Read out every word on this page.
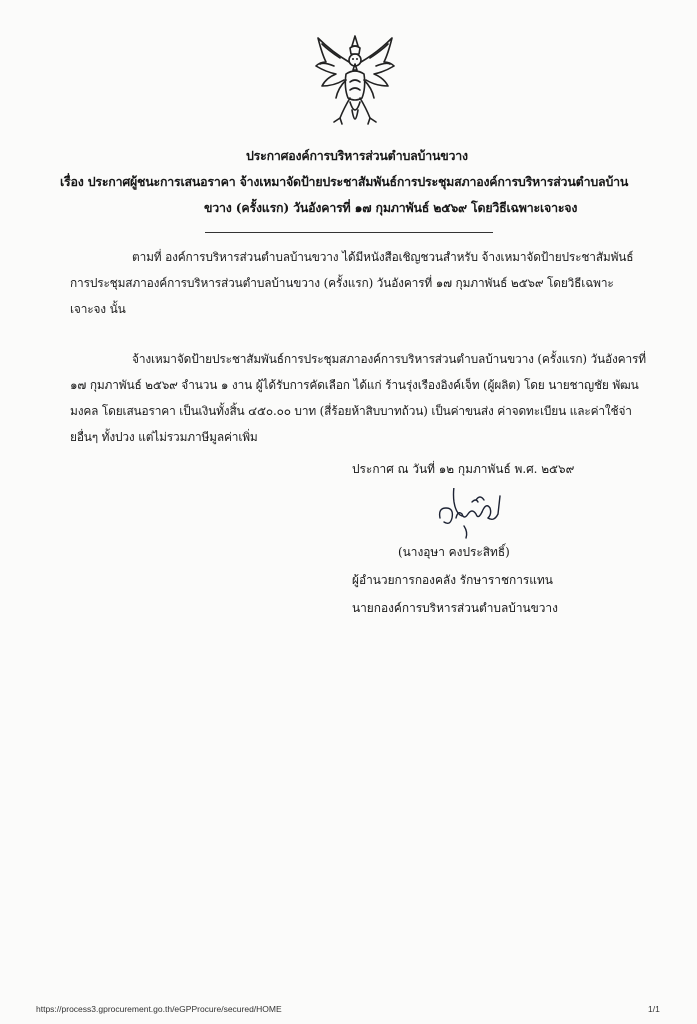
ประกาศองค์การบริหารส่วนตำบลบ้านขวาง
เรื่อง ประกาศผู้ชนะการเสนอราคา จ้างเหมาจัดป้ายประชาสัมพันธ์การประชุมสภาองค์การบริหารส่วนตำบลบ้าน
ขวาง (ครั้งแรก) วันอังคารที่ ๑๗ กุมภาพันธ์ ๒๕๖๙ โดยวิธีเฉพาะเจาะจง
ตามที่ องค์การบริหารส่วนตำบลบ้านขวาง ได้มีหนังสือเชิญชวนสำหรับ จ้างเหมาจัดป้ายประชาสัมพันธ์
การประชุมสภาองค์การบริหารส่วนตำบลบ้านขวาง (ครั้งแรก) วันอังคารที่ ๑๗ กุมภาพันธ์ ๒๕๖๙ โดยวิธีเฉพาะ
เจาะจง นั้น
จ้างเหมาจัดป้ายประชาสัมพันธ์การประชุมสภาองค์การบริหารส่วนตำบลบ้านขวาง (ครั้งแรก) วันอังคารที่
๑๗ กุมภาพันธ์ ๒๕๖๙ จำนวน ๑ งาน ผู้ได้รับการคัดเลือก ได้แก่ ร้านรุ่งเรืองอิงค์เจ็ท (ผู้ผลิต) โดย นายชาญชัย พัฒน
มงคล โดยเสนอราคา เป็นเงินทั้งสิ้น ๔๕๐.๐๐ บาท (สี่ร้อยห้าสิบบาทถ้วน) เป็นค่าขนส่ง ค่าจดทะเบียน และค่าใช้จ่า
ยอื่นๆ ทั้งปวง แต่ไม่รวมภาษีมูลค่าเพิ่ม
ประกาศ ณ วันที่ ๑๒ กุมภาพันธ์ พ.ศ. ๒๕๖๙
(นางอุษา คงประสิทธิ์)
ผู้อำนวยการกองคลัง รักษาราชการแทน
นายกองค์การบริหารส่วนตำบลบ้านขวาง
https://process3.gprocurement.go.th/eGPProcure/secured/HOME	1/1
